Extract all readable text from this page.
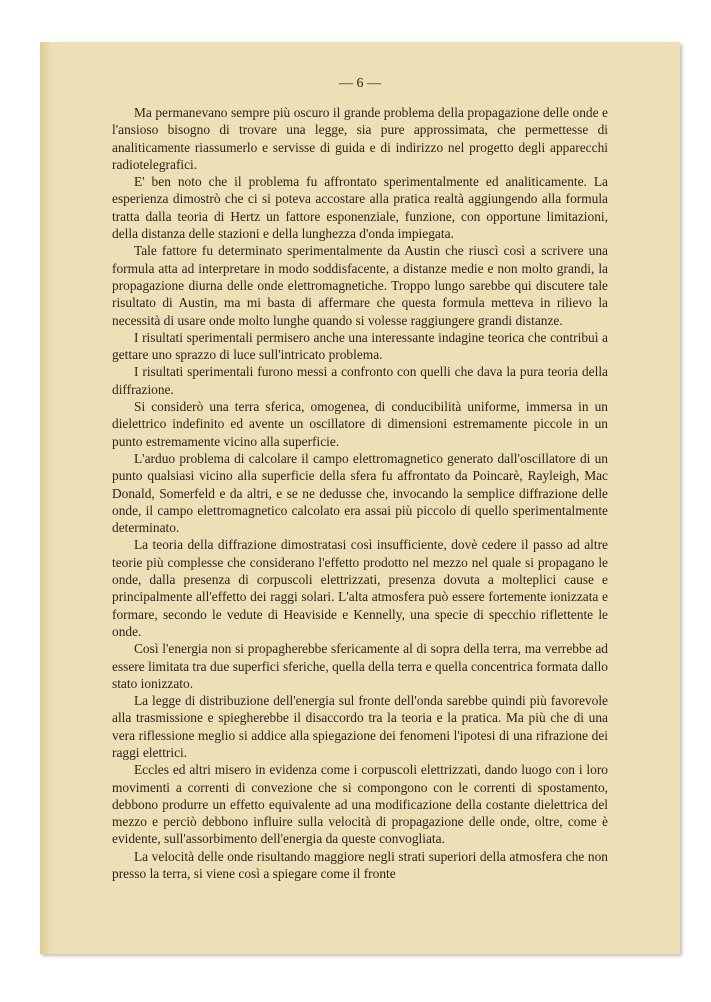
— 6 —

Ma permanevano sempre più oscuro il grande problema della propagazione delle onde e l'ansioso bisogno di trovare una legge, sia pure approssimata, che permettesse di analiticamente riassumerlo e servisse di guida e di indirizzo nel progetto degli apparecchi radiotelegrafici.

E' ben noto che il problema fu affrontato sperimentalmente ed analiticamente. La esperienza dimostrò che ci si poteva accostare alla pratica realtà aggiungendo alla formula tratta dalla teoria di Hertz un fattore esponenziale, funzione, con opportune limitazioni, della distanza delle stazioni e della lunghezza d'onda impiegata.

Tale fattore fu determinato sperimentalmente da Austin che riuscì così a scrivere una formula atta ad interpretare in modo soddisfacente, a distanze medie e non molto grandi, la propagazione diurna delle onde elettromagnetiche. Troppo lungo sarebbe qui discutere tale risultato di Austin, ma mi basta di affermare che questa formula metteva in rilievo la necessità di usare onde molto lunghe quando si volesse raggiungere grandi distanze.

I risultati sperimentali permisero anche una interessante indagine teorica che contribuì a gettare uno sprazzo di luce sull'intricato problema.

I risultati sperimentali furono messi a confronto con quelli che dava la pura teoria della diffrazione.

Si considerò una terra sferica, omogenea, di conducibilità uniforme, immersa in un dielettrico indefinito ed avente un oscillatore di dimensioni estremamente piccole in un punto estremamente vicino alla superficie.

L'arduo problema di calcolare il campo elettromagnetico generato dall'oscillatore di un punto qualsiasi vicino alla superficie della sfera fu affrontato da Poincarè, Rayleigh, Mac Donald, Somerfeld e da altri, e se ne dedusse che, invocando la semplice diffrazione delle onde, il campo elettromagnetico calcolato era assai più piccolo di quello sperimentalmente determinato.

La teoria della diffrazione dimostratasi così insufficiente, dovè cedere il passo ad altre teorie più complesse che considerano l'effetto prodotto nel mezzo nel quale si propagano le onde, dalla presenza di corpuscoli elettrizzati, presenza dovuta a molteplici cause e principalmente all'effetto dei raggi solari. L'alta atmosfera può essere fortemente ionizzata e formare, secondo le vedute di Heaviside e Kennelly, una specie di specchio riflettente le onde.

Così l'energia non si propagherebbe sfericamente al di sopra della terra, ma verrebbe ad essere limitata tra due superfici sferiche, quella della terra e quella concentrica formata dallo stato ionizzato.

La legge di distribuzione dell'energia sul fronte dell'onda sarebbe quindi più favorevole alla trasmissione e spiegherebbe il disaccordo tra la teoria e la pratica. Ma più che di una vera riflessione meglio si addice alla spiegazione dei fenomeni l'ipotesi di una rifrazione dei raggi elettrici.

Eccles ed altri misero in evidenza come i corpuscoli elettrizzati, dando luogo con i loro movimenti a correnti di convezione che si compongono con le correnti di spostamento, debbono produrre un effetto equivalente ad una modificazione della costante dielettrica del mezzo e perciò debbono influire sulla velocità di propagazione delle onde, oltre, come è evidente, sull'assorbimento dell'energia da queste convogliata.

La velocità delle onde risultando maggiore negli strati superiori della atmosfera che non presso la terra, si viene così a spiegare come il fronte
